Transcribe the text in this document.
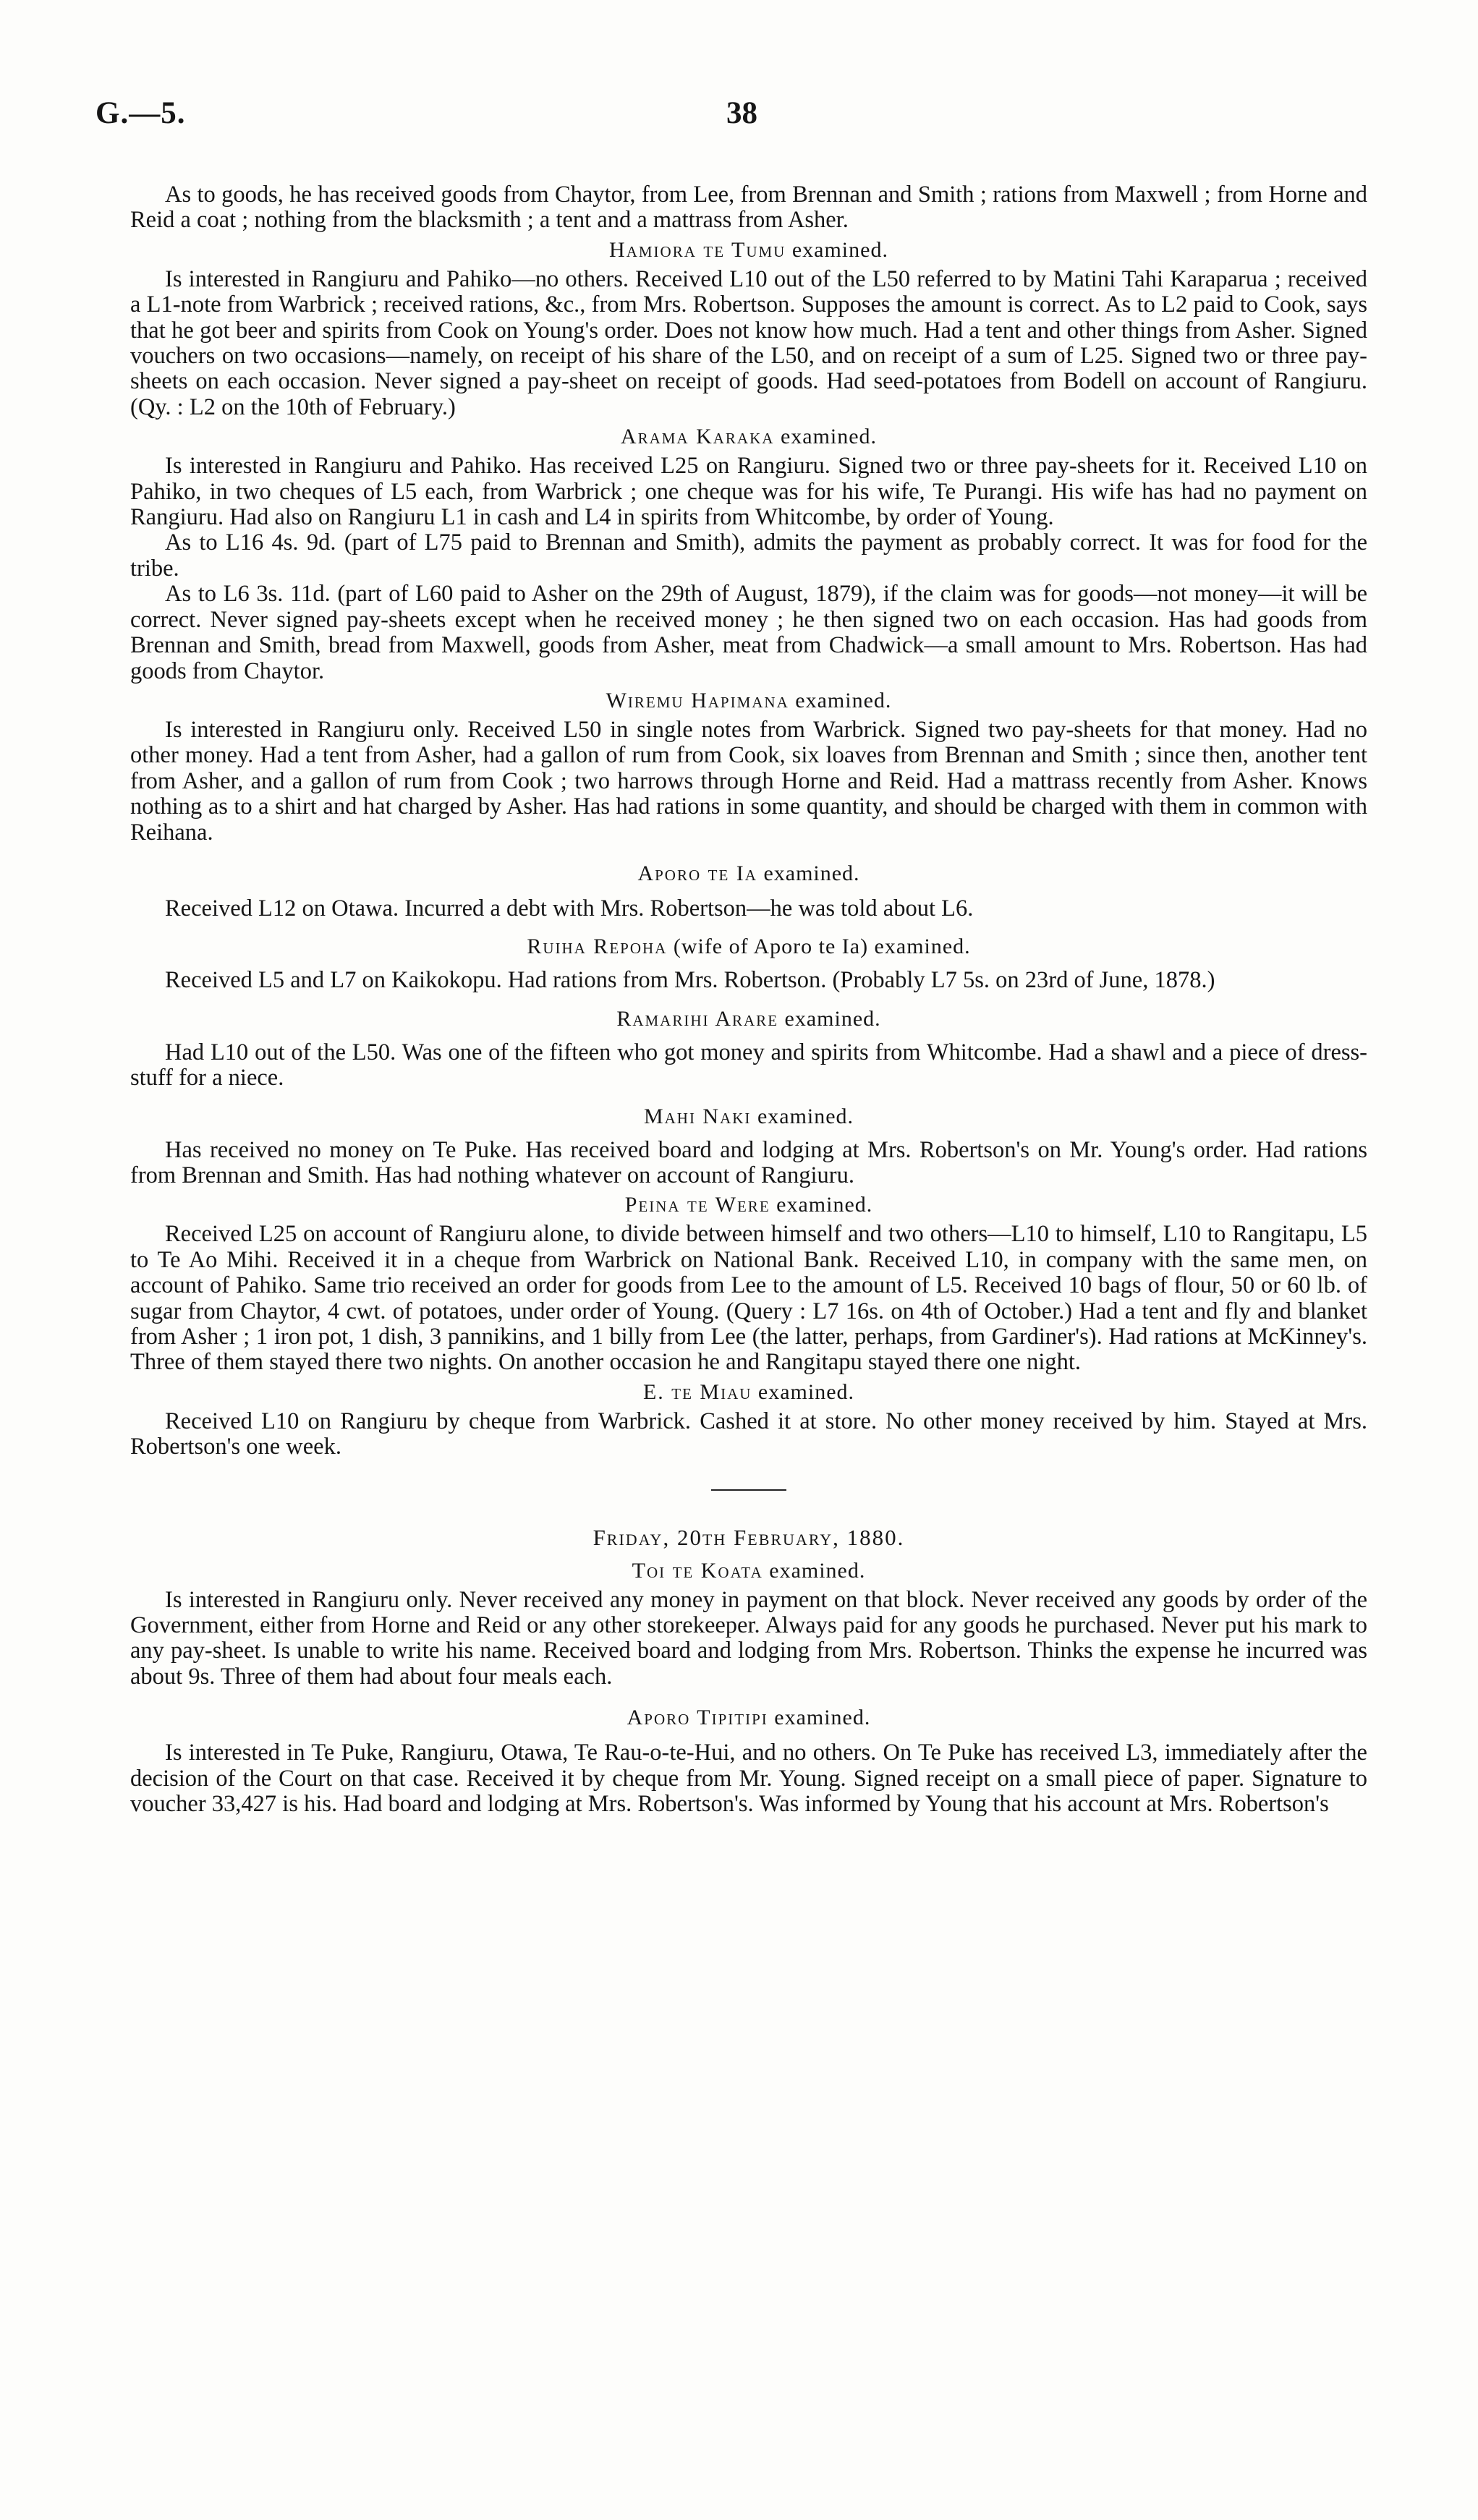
G.—5.	38

As to goods, he has received goods from Chaytor, from Lee, from Brennan and Smith ; rations from Maxwell ; from Horne and Reid a coat ; nothing from the blacksmith ; a tent and a mattrass from Asher.

Hamiora te Tumu examined.

Is interested in Rangiuru and Pahiko—no others. Received L10 out of the L50 referred to by Matini Tahi Karaparua ; received a L1-note from Warbrick ; received rations, &c., from Mrs. Robertson. Supposes the amount is correct. As to L2 paid to Cook, says that he got beer and spirits from Cook on Young's order. Does not know how much. Had a tent and other things from Asher. Signed vouchers on two occasions—namely, on receipt of his share of the L50, and on receipt of a sum of L25. Signed two or three pay-sheets on each occasion. Never signed a pay-sheet on receipt of goods. Had seed-potatoes from Bodell on account of Rangiuru. (Qy. : L2 on the 10th of February.)

Arama Karaka examined.

Is interested in Rangiuru and Pahiko. Has received L25 on Rangiuru. Signed two or three pay-sheets for it. Received L10 on Pahiko, in two cheques of L5 each, from Warbrick ; one cheque was for his wife, Te Purangi. His wife has had no payment on Rangiuru. Had also on Rangiuru L1 in cash and L4 in spirits from Whitcombe, by order of Young.

As to L16 4s. 9d. (part of L75 paid to Brennan and Smith), admits the payment as probably correct. It was for food for the tribe.

As to L6 3s. 11d. (part of L60 paid to Asher on the 29th of August, 1879), if the claim was for goods—not money—it will be correct. Never signed pay-sheets except when he received money ; he then signed two on each occasion. Has had goods from Brennan and Smith, bread from Maxwell, goods from Asher, meat from Chadwick—a small amount to Mrs. Robertson. Has had goods from Chaytor.

Wiremu Hapimana examined.

Is interested in Rangiuru only. Received L50 in single notes from Warbrick. Signed two pay-sheets for that money. Had no other money. Had a tent from Asher, had a gallon of rum from Cook, six loaves from Brennan and Smith ; since then, another tent from Asher, and a gallon of rum from Cook ; two harrows through Horne and Reid. Had a mattrass recently from Asher. Knows nothing as to a shirt and hat charged by Asher. Has had rations in some quantity, and should be charged with them in common with Reihana.

Aporo te Ia examined.

Received L12 on Otawa. Incurred a debt with Mrs. Robertson—he was told about L6.

Ruiha Repoha (wife of Aporo te Ia) examined.

Received L5 and L7 on Kaikokopu. Had rations from Mrs. Robertson. (Probably L7 5s. on 23rd of June, 1878.)

Ramarihi Arare examined.

Had L10 out of the L50. Was one of the fifteen who got money and spirits from Whitcombe. Had a shawl and a piece of dress-stuff for a niece.

Mahi Naki examined.

Has received no money on Te Puke. Has received board and lodging at Mrs. Robertson's on Mr. Young's order. Had rations from Brennan and Smith. Has had nothing whatever on account of Rangiuru.

Peina te Were examined.

Received L25 on account of Rangiuru alone, to divide between himself and two others—L10 to himself, L10 to Rangitapu, L5 to Te Ao Mihi. Received it in a cheque from Warbrick on National Bank. Received L10, in company with the same men, on account of Pahiko. Same trio received an order for goods from Lee to the amount of L5. Received 10 bags of flour, 50 or 60 lb. of sugar from Chaytor, 4 cwt. of potatoes, under order of Young. (Query : L7 16s. on 4th of October.) Had a tent and fly and blanket from Asher ; 1 iron pot, 1 dish, 3 pannikins, and 1 billy from Lee (the latter, perhaps, from Gardiner's). Had rations at McKinney's. Three of them stayed there two nights. On another occasion he and Rangitapu stayed there one night.

E. te Miau examined.

Received L10 on Rangiuru by cheque from Warbrick. Cashed it at store. No other money received by him. Stayed at Mrs. Robertson's one week.

Friday, 20th February, 1880.
Toi te Koata examined.

Is interested in Rangiuru only. Never received any money in payment on that block. Never received any goods by order of the Government, either from Horne and Reid or any other storekeeper. Always paid for any goods he purchased. Never put his mark to any pay-sheet. Is unable to write his name. Received board and lodging from Mrs. Robertson. Thinks the expense he incurred was about 9s. Three of them had about four meals each.

Aporo Tipitipi examined.

Is interested in Te Puke, Rangiuru, Otawa, Te Rau-o-te-Hui, and no others. On Te Puke has received L3, immediately after the decision of the Court on that case. Received it by cheque from Mr. Young. Signed receipt on a small piece of paper. Signature to voucher 33,427 is his. Had board and lodging at Mrs. Robertson's. Was informed by Young that his account at Mrs. Robertson's
